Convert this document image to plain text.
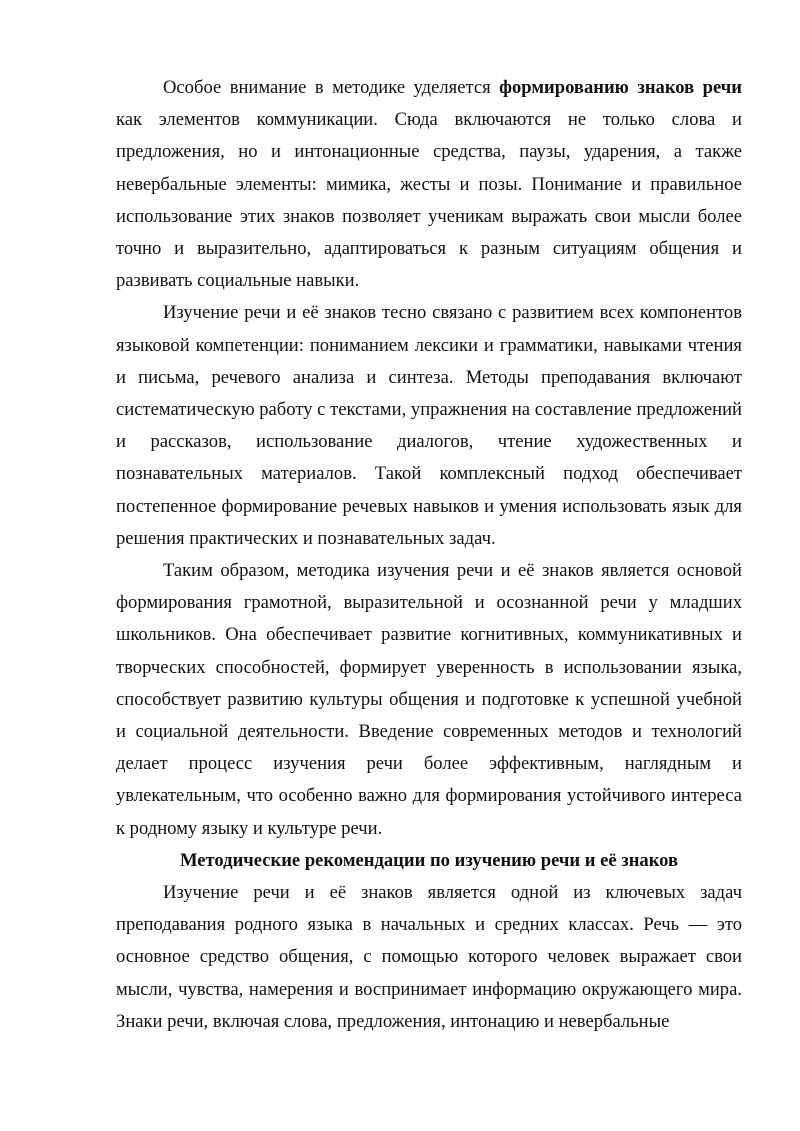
Особое внимание в методике уделяется формированию знаков речи как элементов коммуникации. Сюда включаются не только слова и предложения, но и интонационные средства, паузы, ударения, а также невербальные элементы: мимика, жесты и позы. Понимание и правильное использование этих знаков позволяет ученикам выражать свои мысли более точно и выразительно, адаптироваться к разным ситуациям общения и развивать социальные навыки.

Изучение речи и её знаков тесно связано с развитием всех компонентов языковой компетенции: пониманием лексики и грамматики, навыками чтения и письма, речевого анализа и синтеза. Методы преподавания включают систематическую работу с текстами, упражнения на составление предложений и рассказов, использование диалогов, чтение художественных и познавательных материалов. Такой комплексный подход обеспечивает постепенное формирование речевых навыков и умения использовать язык для решения практических и познавательных задач.

Таким образом, методика изучения речи и её знаков является основой формирования грамотной, выразительной и осознанной речи у младших школьников. Она обеспечивает развитие когнитивных, коммуникативных и творческих способностей, формирует уверенность в использовании языка, способствует развитию культуры общения и подготовке к успешной учебной и социальной деятельности. Введение современных методов и технологий делает процесс изучения речи более эффективным, наглядным и увлекательным, что особенно важно для формирования устойчивого интереса к родному языку и культуре речи.

Методические рекомендации по изучению речи и её знаков

Изучение речи и её знаков является одной из ключевых задач преподавания родного языка в начальных и средних классах. Речь — это основное средство общения, с помощью которого человек выражает свои мысли, чувства, намерения и воспринимает информацию окружающего мира. Знаки речи, включая слова, предложения, интонацию и невербальные
